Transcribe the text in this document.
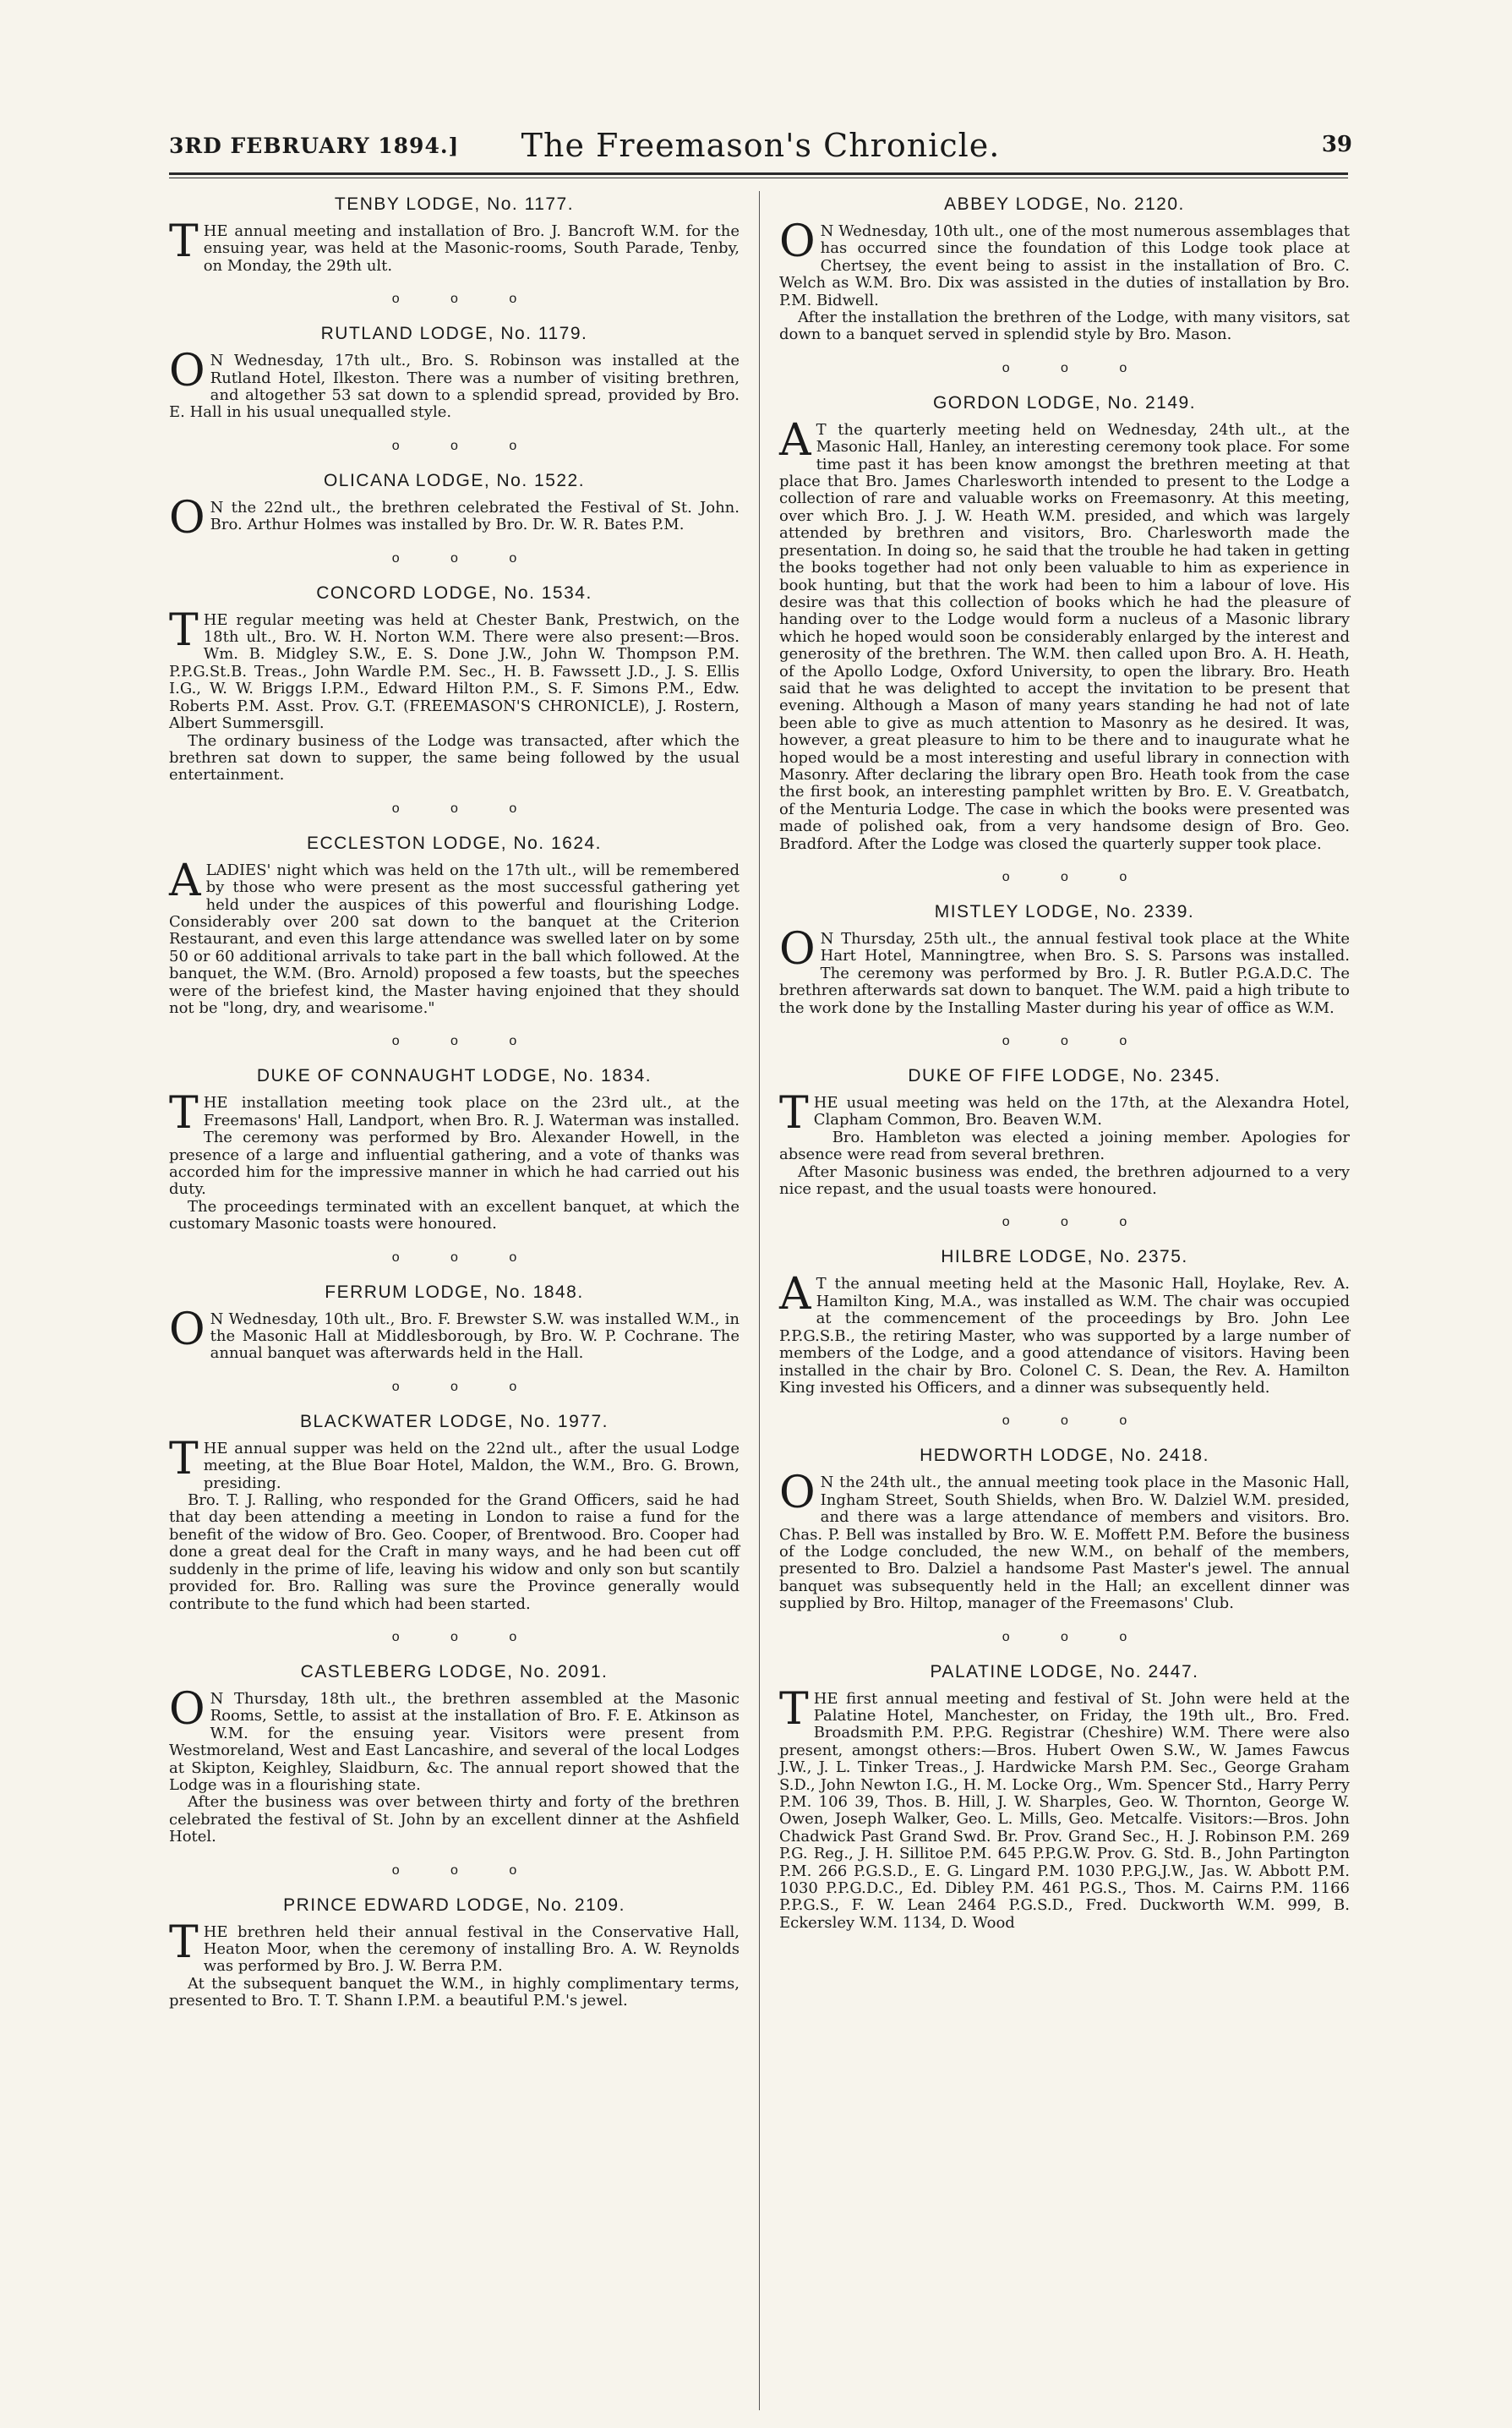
3RD FEBRUARY 1894.]	The Freemason's Chronicle.	39
TENBY LODGE, No. 1177.

THE annual meeting and installation of Bro. J. Bancroft W.M. for the ensuing year, was held at the Masonic-rooms, South Parade, Tenby, on Monday, the 29th ult.

o o o
RUTLAND LODGE, No. 1179.

O N Wednesday, 17th ult., Bro. S. Robinson was installed at the Rutland Hotel, Ilkeston. There was a number of visiting brethren, and altogether 53 sat down to a splendid spread, provided by Bro. E. Hall in his usual unequalled style.

o o o
OLICANA LODGE, No. 1522.

O N the 22nd ult., the brethren celebrated the Festival of St. John. Bro. Arthur Holmes was installed by Bro. Dr. W. R. Bates P.M.

o o o
CONCORD LODGE, No. 1534.

THE regular meeting was held at Chester Bank, Prestwich, on the 18th ult., Bro. W. H. Norton W.M. There were also present:—Bros. Wm. B. Midgley S.W., E. S. Done J.W., John W. Thompson P.M. P.P.G.St.B. Treas., John Wardle P.M. Sec., H. B. Fawssett J.D., J. S. Ellis I.G., W. W. Briggs I.P.M., Edward Hilton P.M., S. F. Simons P.M., Edw. Roberts P.M. Asst. Prov. G.T. (FREEMASON'S CHRONICLE), J. Rostern, Albert Summersgill.

The ordinary business of the Lodge was transacted, after which the brethren sat down to supper, the same being followed by the usual entertainment.

o o o
ECCLESTON LODGE, No. 1624.

ALADIES' night which was held on the 17th ult., will be remembered by those who were present as the most successful gathering yet held under the auspices of this powerful and flourishing Lodge. Considerably over 200 sat down to the banquet at the Criterion Restaurant, and even this large attendance was swelled later on by some 50 or 60 additional arrivals to take part in the ball which followed. At the banquet, the W.M. (Bro. Arnold) proposed a few toasts, but the speeches were of the briefest kind, the Master having enjoined that they should not be "long, dry, and wearisome."

o o o
DUKE OF CONNAUGHT LODGE, No. 1834.

THE installation meeting took place on the 23rd ult., at the Freemasons' Hall, Landport, when Bro. R. J. Waterman was installed. The ceremony was performed by Bro. Alexander Howell, in the presence of a large and influential gathering, and a vote of thanks was accorded him for the impressive manner in which he had carried out his duty.

The proceedings terminated with an excellent banquet, at which the customary Masonic toasts were honoured.

o o o
FERRUM LODGE, No. 1848.

O N Wednesday, 10th ult., Bro. F. Brewster S.W. was installed W.M., in the Masonic Hall at Middlesborough, by Bro. W. P. Cochrane. The annual banquet was afterwards held in the Hall.

o o o
BLACKWATER LODGE, No. 1977.

THE annual supper was held on the 22nd ult., after the usual Lodge meeting, at the Blue Boar Hotel, Maldon, the W.M., Bro. G. Brown, presiding.

Bro. T. J. Ralling, who responded for the Grand Officers, said he had that day been attending a meeting in London to raise a fund for the benefit of the widow of Bro. Geo. Cooper, of Brentwood. Bro. Cooper had done a great deal for the Craft in many ways, and he had been cut off suddenly in the prime of life, leaving his widow and only son but scantily provided for. Bro. Ralling was sure the Province generally would contribute to the fund which had been started.

o o o
CASTLEBERG LODGE, No. 2091.

O N Thursday, 18th ult., the brethren assembled at the Masonic Rooms, Settle, to assist at the installation of Bro. F. E. Atkinson as W.M. for the ensuing year. Visitors were present from Westmoreland, West and East Lancashire, and several of the local Lodges at Skipton, Keighley, Slaidburn, &c. The annual report showed that the Lodge was in a flourishing state.

After the business was over between thirty and forty of the brethren celebrated the festival of St. John by an excellent dinner at the Ashfield Hotel.

o o o
PRINCE EDWARD LODGE, No. 2109.

THE brethren held their annual festival in the Conservative Hall, Heaton Moor, when the ceremony of installing Bro. A. W. Reynolds was performed by Bro. J. W. Berra P.M.

At the subsequent banquet the W.M., in highly complimentary terms, presented to Bro. T. T. Shann I.P.M. a beautiful P.M.'s jewel.

ABBEY LODGE, No. 2120.

O N Wednesday, 10th ult., one of the most numerous assemblages that has occurred since the foundation of this Lodge took place at Chertsey, the event being to assist in the installation of Bro. C. Welch as W.M. Bro. Dix was assisted in the duties of installation by Bro. P.M. Bidwell.

After the installation the brethren of the Lodge, with many visitors, sat down to a banquet served in splendid style by Bro. Mason.

o o o
GORDON LODGE, No. 2149.

A T the quarterly meeting held on Wednesday, 24th ult., at the Masonic Hall, Hanley, an interesting ceremony took place. For some time past it has been know amongst the brethren meeting at that place that Bro. James Charlesworth intended to present to the Lodge a collection of rare and valuable works on Freemasonry. At this meeting, over which Bro. J. J. W. Heath W.M. presided, and which was largely attended by brethren and visitors, Bro. Charlesworth made the presentation. In doing so, he said that the trouble he had taken in getting the books together had not only been valuable to him as experience in book hunting, but that the work had been to him a labour of love. His desire was that this collection of books which he had the pleasure of handing over to the Lodge would form a nucleus of a Masonic library which he hoped would soon be considerably enlarged by the interest and generosity of the brethren. The W.M. then called upon Bro. A. H. Heath, of the Apollo Lodge, Oxford University, to open the library. Bro. Heath said that he was delighted to accept the invitation to be present that evening. Although a Mason of many years standing he had not of late been able to give as much attention to Masonry as he desired. It was, however, a great pleasure to him to be there and to inaugurate what he hoped would be a most interesting and useful library in connection with Masonry. After declaring the library open Bro. Heath took from the case the first book, an interesting pamphlet written by Bro. E. V. Greatbatch, of the Menturia Lodge. The case in which the books were presented was made of polished oak, from a very handsome design of Bro. Geo. Bradford. After the Lodge was closed the quarterly supper took place.

o o o
MISTLEY LODGE, No. 2339.

O N Thursday, 25th ult., the annual festival took place at the White Hart Hotel, Manningtree, when Bro. S. S. Parsons was installed. The ceremony was performed by Bro. J. R. Butler P.G.A.D.C. The brethren afterwards sat down to banquet. The W.M. paid a high tribute to the work done by the Installing Master during his year of office as W.M.

o o o
DUKE OF FIFE LODGE, No. 2345.

THE usual meeting was held on the 17th, at the Alexandra Hotel, Clapham Common, Bro. Beaven W.M.

Bro. Hambleton was elected a joining member. Apologies for absence were read from several brethren.

After Masonic business was ended, the brethren adjourned to a very nice repast, and the usual toasts were honoured.

o o o
HILBRE LODGE, No. 2375.

A T the annual meeting held at the Masonic Hall, Hoylake, Rev. A. Hamilton King, M.A., was installed as W.M. The chair was occupied at the commencement of the proceedings by Bro. John Lee P.P.G.S.B., the retiring Master, who was supported by a large number of members of the Lodge, and a good attendance of visitors. Having been installed in the chair by Bro. Colonel C. S. Dean, the Rev. A. Hamilton King invested his Officers, and a dinner was subsequently held.

o o o
HEDWORTH LODGE, No. 2418.

O N the 24th ult., the annual meeting took place in the Masonic Hall, Ingham Street, South Shields, when Bro. W. Dalziel W.M. presided, and there was a large attendance of members and visitors. Bro. Chas. P. Bell was installed by Bro. W. E. Moffett P.M. Before the business of the Lodge concluded, the new W.M., on behalf of the members, presented to Bro. Dalziel a handsome Past Master's jewel. The annual banquet was subsequently held in the Hall; an excellent dinner was supplied by Bro. Hiltop, manager of the Freemasons' Club.

o o o
PALATINE LODGE, No. 2447.

THE first annual meeting and festival of St. John were held at the Palatine Hotel, Manchester, on Friday, the 19th ult., Bro. Fred. Broadsmith P.M. P.P.G. Registrar (Cheshire) W.M. There were also present, amongst others:—Bros. Hubert Owen S.W., W. James Fawcus J.W., J. L. Tinker Treas., J. Hardwicke Marsh P.M. Sec., George Graham S.D., John Newton I.G., H. M. Locke Org., Wm. Spencer Std., Harry Perry P.M. 106 39, Thos. B. Hill, J. W. Sharples, Geo. W. Thornton, George W. Owen, Joseph Walker, Geo. L. Mills, Geo. Metcalfe. Visitors:—Bros. John Chadwick Past Grand Swd. Br. Prov. Grand Sec., H. J. Robinson P.M. 269 P.G. Reg., J. H. Sillitoe P.M. 645 P.P.G.W. Prov. G. Std. B., John Partington P.M. 266 P.G.S.D., E. G. Lingard P.M. 1030 P.P.G.J.W., Jas. W. Abbott P.M. 1030 P.P.G.D.C., Ed. Dibley P.M. 461 P.G.S., Thos. M. Cairns P.M. 1166 P.P.G.S., F. W. Lean 2464 P.G.S.D., Fred. Duckworth W.M. 999, B. Eckersley W.M. 1134, D. Wood
